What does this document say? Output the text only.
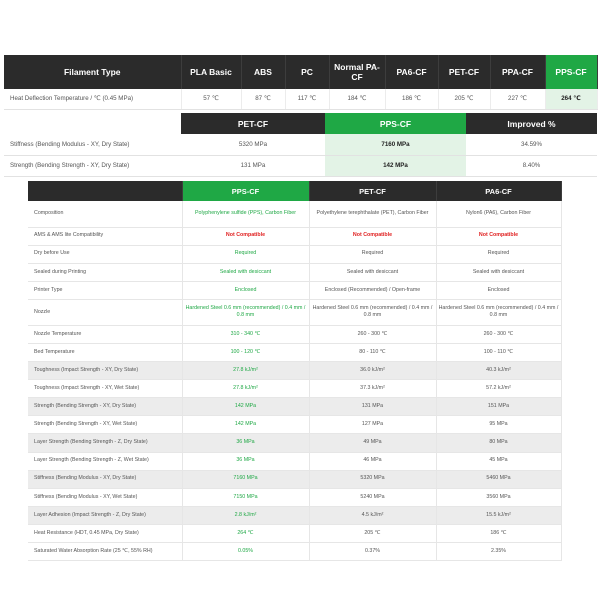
Filament Type	PLA Basic	ABS	PC	Normal PA-CF	PA6-CF	PET-CF	PPA-CF	PPS-CF
Heat Deflection Temperature / ℃ (0.45 MPa)	57 ℃	87 ℃	117 ℃	184 ℃	186 ℃	205 ℃	227 ℃	264 ℃
	PET-CF	PPS-CF	Improved %
Stiffness (Bending Modulus - XY, Dry State)	5320 MPa	7160 MPa	34.59%
Strength (Bending Strength - XY, Dry State)	131 MPa	142 MPa	8.40%
	PPS-CF	PET-CF	PA6-CF
Composition	Polyphenylene sulfide (PPS), Carbon Fiber	Polyethylene terephthalate (PET), Carbon Fiber	Nylon6 (PA6), Carbon Fiber
AMS & AMS lite Compatibility	Not Compatible	Not Compatible	Not Compatible
Dry before Use	Required	Required	Required
Sealed during Printing	Sealed with desiccant	Sealed with desiccant	Sealed with desiccant
Printer Type	Enclosed	Enclosed (Recommended) / Open-frame	Enclosed
Nozzle	Hardened Steel 0.6 mm (recommended) / 0.4 mm / 0.8 mm	Hardened Steel 0.6 mm (recommended) / 0.4 mm / 0.8 mm	Hardened Steel 0.6 mm (recommended) / 0.4 mm / 0.8 mm
Nozzle Temperature	310 - 340 ℃	260 - 300 ℃	260 - 300 ℃
Bed Temperature	100 - 120 ℃	80 - 110 ℃	100 - 110 ℃
Toughness (Impact Strength - XY, Dry State)	27.8 kJ/m²	36.0 kJ/m²	40.3 kJ/m²
Toughness (Impact Strength - XY, Wet State)	27.8 kJ/m²	37.3 kJ/m²	57.2 kJ/m²
Strength (Bending Strength - XY, Dry State)	142 MPa	131 MPa	151 MPa
Strength (Bending Strength - XY, Wet State)	142 MPa	127 MPa	95 MPa
Layer Strength (Bending Strength - Z, Dry State)	36 MPa	49 MPa	80 MPa
Layer Strength (Bending Strength - Z, Wet State)	36 MPa	46 MPa	45 MPa
Stiffness (Bending Modulus - XY, Dry State)	7160 MPa	5320 MPa	5460 MPa
Stiffness (Bending Modulus - XY, Wet State)	7150 MPa	5240 MPa	3560 MPa
Layer Adhesion (Impact Strength - Z, Dry State)	2.8 kJ/m²	4.5 kJ/m²	15.5 kJ/m²
Heat Resistance (HDT, 0.45 MPa, Dry State)	264 ℃	205 ℃	186 ℃
Saturated Water Absorption Rate (25 ℃, 55% RH)	0.05%	0.37%	2.35%
